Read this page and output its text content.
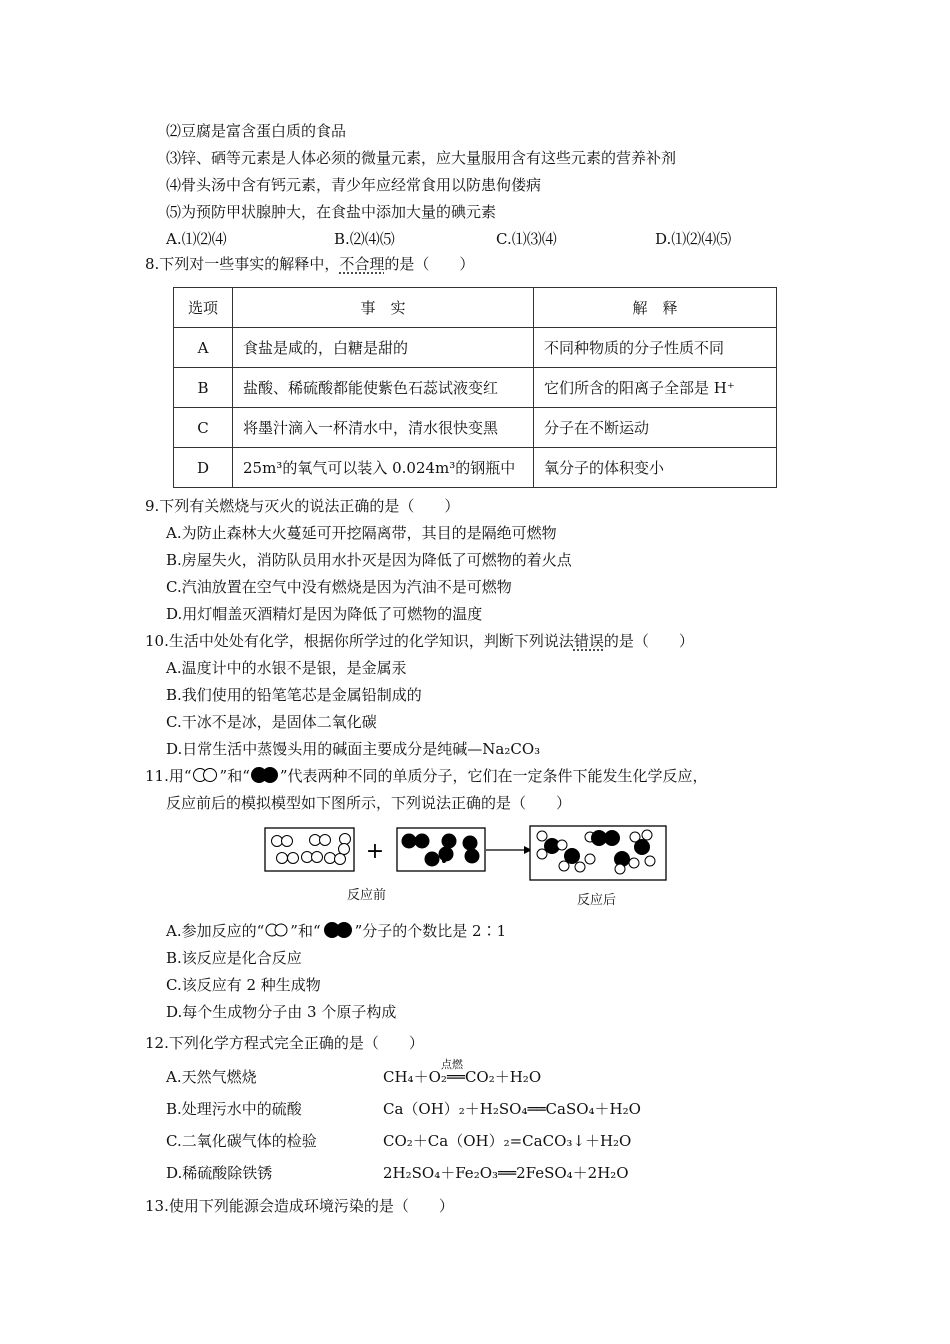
⑵豆腐是富含蛋白质的食品
⑶锌、硒等元素是人体必须的微量元素，应大量服用含有这些元素的营养补剂
⑷骨头汤中含有钙元素，青少年应经常食用以防患佝偻病
⑸为预防甲状腺肿大，在食盐中添加大量的碘元素
A.⑴⑵⑷	B.⑵⑷⑸	C.⑴⑶⑷	D.⑴⑵⑷⑸
8.下列对一些事实的解释中，不合理的是（　　）
选项	事　实	解　释
A	食盐是咸的，白糖是甜的	不同种物质的分子性质不同
B	盐酸、稀硫酸都能使紫色石蕊试液变红	它们所含的阳离子全部是 H⁺
C	将墨汁滴入一杯清水中，清水很快变黑	分子在不断运动
D	25m³的氧气可以装入 0.024m³的钢瓶中	氧分子的体积变小
9.下列有关燃烧与灭火的说法正确的是（　　）
A.为防止森林大火蔓延可开挖隔离带，其目的是隔绝可燃物
B.房屋失火，消防队员用水扑灭是因为降低了可燃物的着火点
C.汽油放置在空气中没有燃烧是因为汽油不是可燃物
D.用灯帽盖灭酒精灯是因为降低了可燃物的温度
10.生活中处处有化学，根据你所学过的化学知识，判断下列说法错误的是（　　）
A.温度计中的水银不是银，是金属汞
B.我们使用的铅笔笔芯是金属铅制成的
C.干冰不是冰，是固体二氧化碳
D.日常生活中蒸馒头用的碱面主要成分是纯碱—Na₂CO₃
11.用“ ”和“ ”代表两种不同的单质分子，它们在一定条件下能发生化学反应，
反应前后的模拟模型如下图所示，下列说法正确的是（　　）
+
反应前	反应后
A.参加反应的“ ”和“ ”分子的个数比是 2∶1
B.该反应是化合反应
C.该反应有 2 种生成物
D.每个生成物分子由 3 个原子构成
12.下列化学方程式完全正确的是（　　）
A.天然气燃烧	CH₄＋O₂══CO₂＋H₂O
点燃
B.处理污水中的硫酸	Ca（OH）₂＋H₂SO₄══CaSO₄＋H₂O
C.二氧化碳气体的检验	CO₂＋Ca（OH）₂=CaCO₃↓＋H₂O
D.稀硫酸除铁锈	2H₂SO₄＋Fe₂O₃══2FeSO₄＋2H₂O
13.使用下列能源会造成环境污染的是（　　）
